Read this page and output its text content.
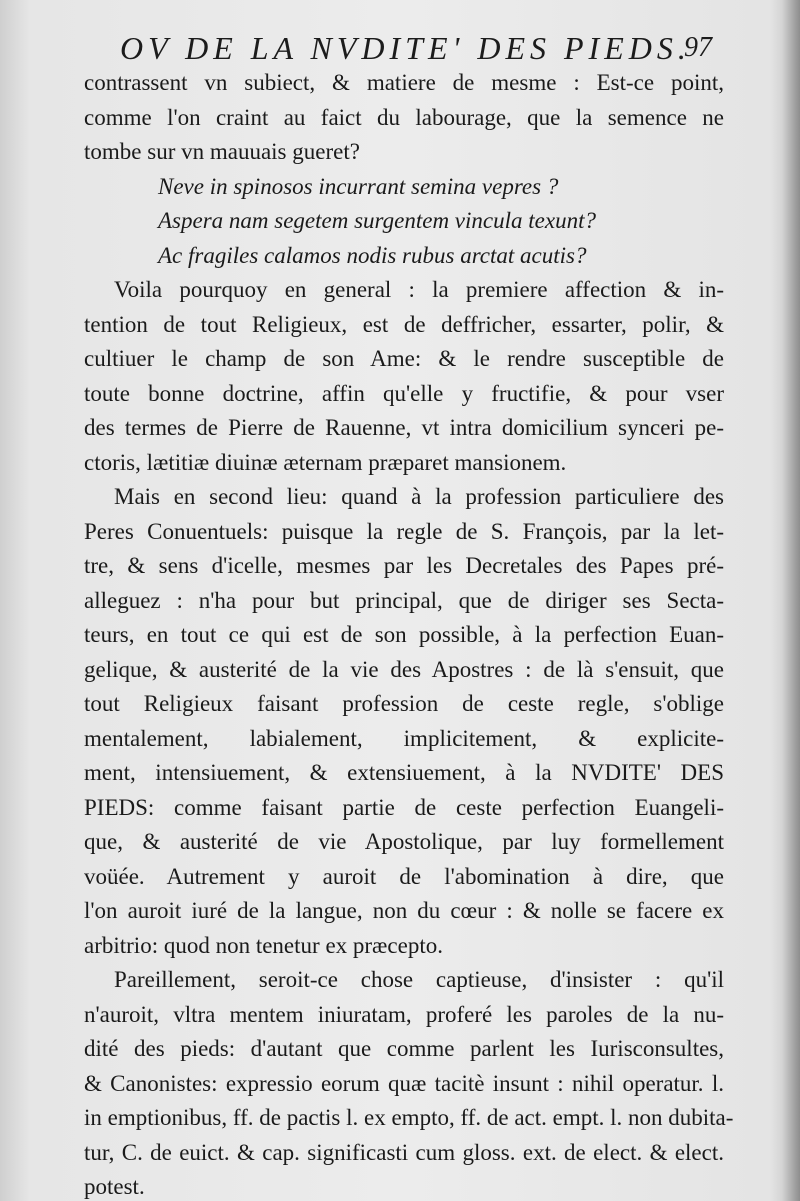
OV DE LA NVDITE' DES PIEDS.
97
contrassent vn subiect, & matiere de mesme : Est-ce point,
comme l'on craint au faict du labourage, que la semence ne
tombe sur vn mauuais gueret?
Neve in spinosos incurrant semina vepres ?
Aspera nam segetem surgentem vincula texunt?
Ac fragiles calamos nodis rubus arctat acutis?
Voila pourquoy en general : la premiere affection & in-
tention de tout Religieux, est de deffricher, essarter, polir, &
cultiuer le champ de son Ame: & le rendre susceptible de
toute bonne doctrine, affin qu'elle y fructifie, & pour vser
des termes de Pierre de Rauenne, vt intra domicilium synceri pe-
ctoris, lætitiæ diuinæ æternam præparet mansionem.
Mais en second lieu: quand à la profession particuliere des
Peres Conuentuels: puisque la regle de S. François, par la let-
tre, & sens d'icelle, mesmes par les Decretales des Papes pré-
alleguez : n'ha pour but principal, que de diriger ses Secta-
teurs, en tout ce qui est de son possible, à la perfection Euan-
gelique, & austerité de la vie des Apostres : de là s'ensuit, que
tout Religieux faisant profession de ceste regle, s'oblige
mentalement, labialement, implicitement, & explicite-
ment, intensiuement, & extensiuement, à la NVDITE' DES
PIEDS: comme faisant partie de ceste perfection Euangeli-
que, & austerité de vie Apostolique, par luy formellement
voüée. Autrement y auroit de l'abomination à dire, que
l'on auroit iuré de la langue, non du cœur : & nolle se facere ex
arbitrio: quod non tenetur ex præcepto.
Pareillement, seroit-ce chose captieuse, d'insister : qu'il
n'auroit, vltra mentem iniuratam, proferé les paroles de la nu-
dité des pieds: d'autant que comme parlent les Iurisconsultes,
& Canonistes: expressio eorum quæ tacitè insunt : nihil operatur. l.
in emptionibus, ff. de pactis l. ex empto, ff. de act. empt. l. non dubita-
tur, C. de euict. & cap. significasti cum gloss. ext. de elect. & elect.
potest.
